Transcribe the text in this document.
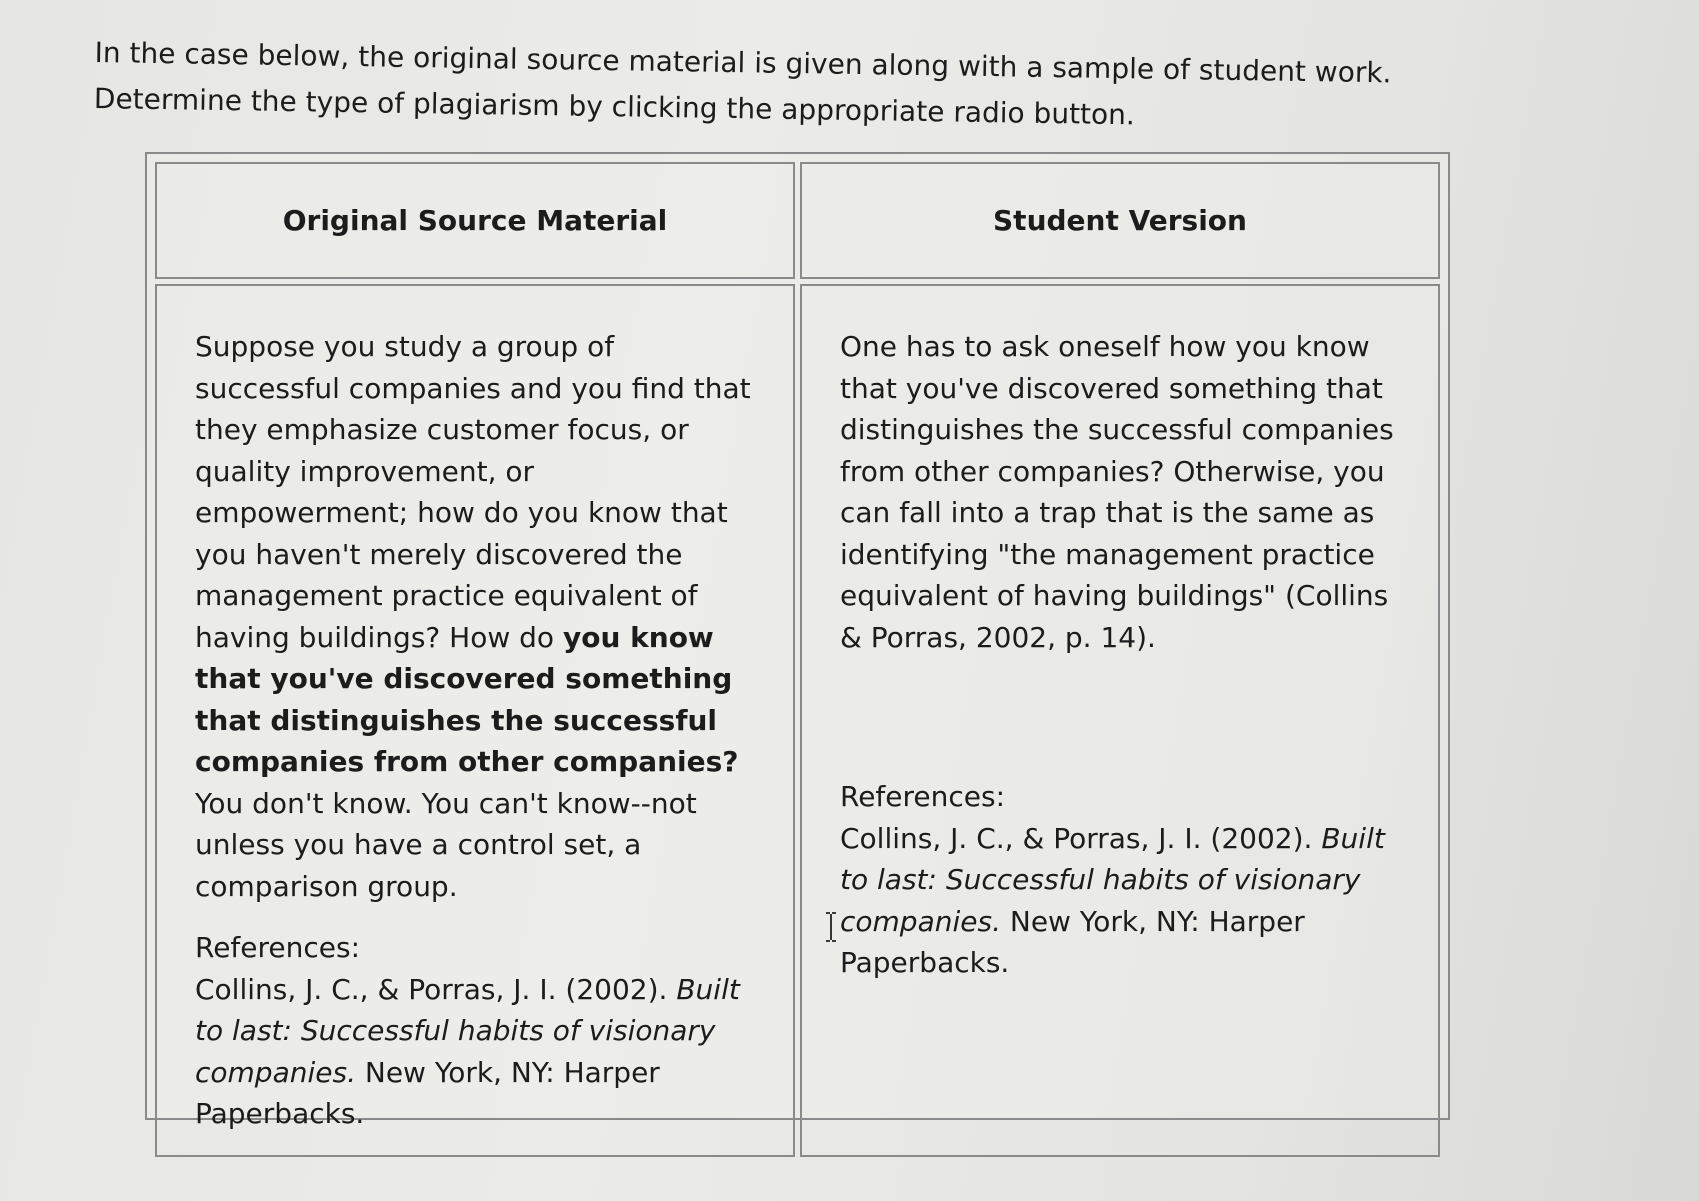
In the case below, the original source material is given along with a sample of student work.
Determine the type of plagiarism by clicking the appropriate radio button.
Original Source Material	Student Version

Suppose you study a group of successful companies and you find that they emphasize customer focus, or quality improvement, or empowerment; how do you know that you haven't merely discovered the management practice equivalent of having buildings? How do you know that you've discovered something that distinguishes the successful companies from other companies? You don't know. You can't know--not unless you have a control set, a comparison group.

References:
Collins, J. C., & Porras, J. I. (2002). Built to last: Successful habits of visionary companies. New York, NY: Harper Paperbacks.

One has to ask oneself how you know that you've discovered something that distinguishes the successful companies from other companies? Otherwise, you can fall into a trap that is the same as identifying "the management practice equivalent of having buildings" (Collins & Porras, 2002, p. 14).

References:
Collins, J. C., & Porras, J. I. (2002). Built to last: Successful habits of visionary companies. New York, NY: Harper Paperbacks.
